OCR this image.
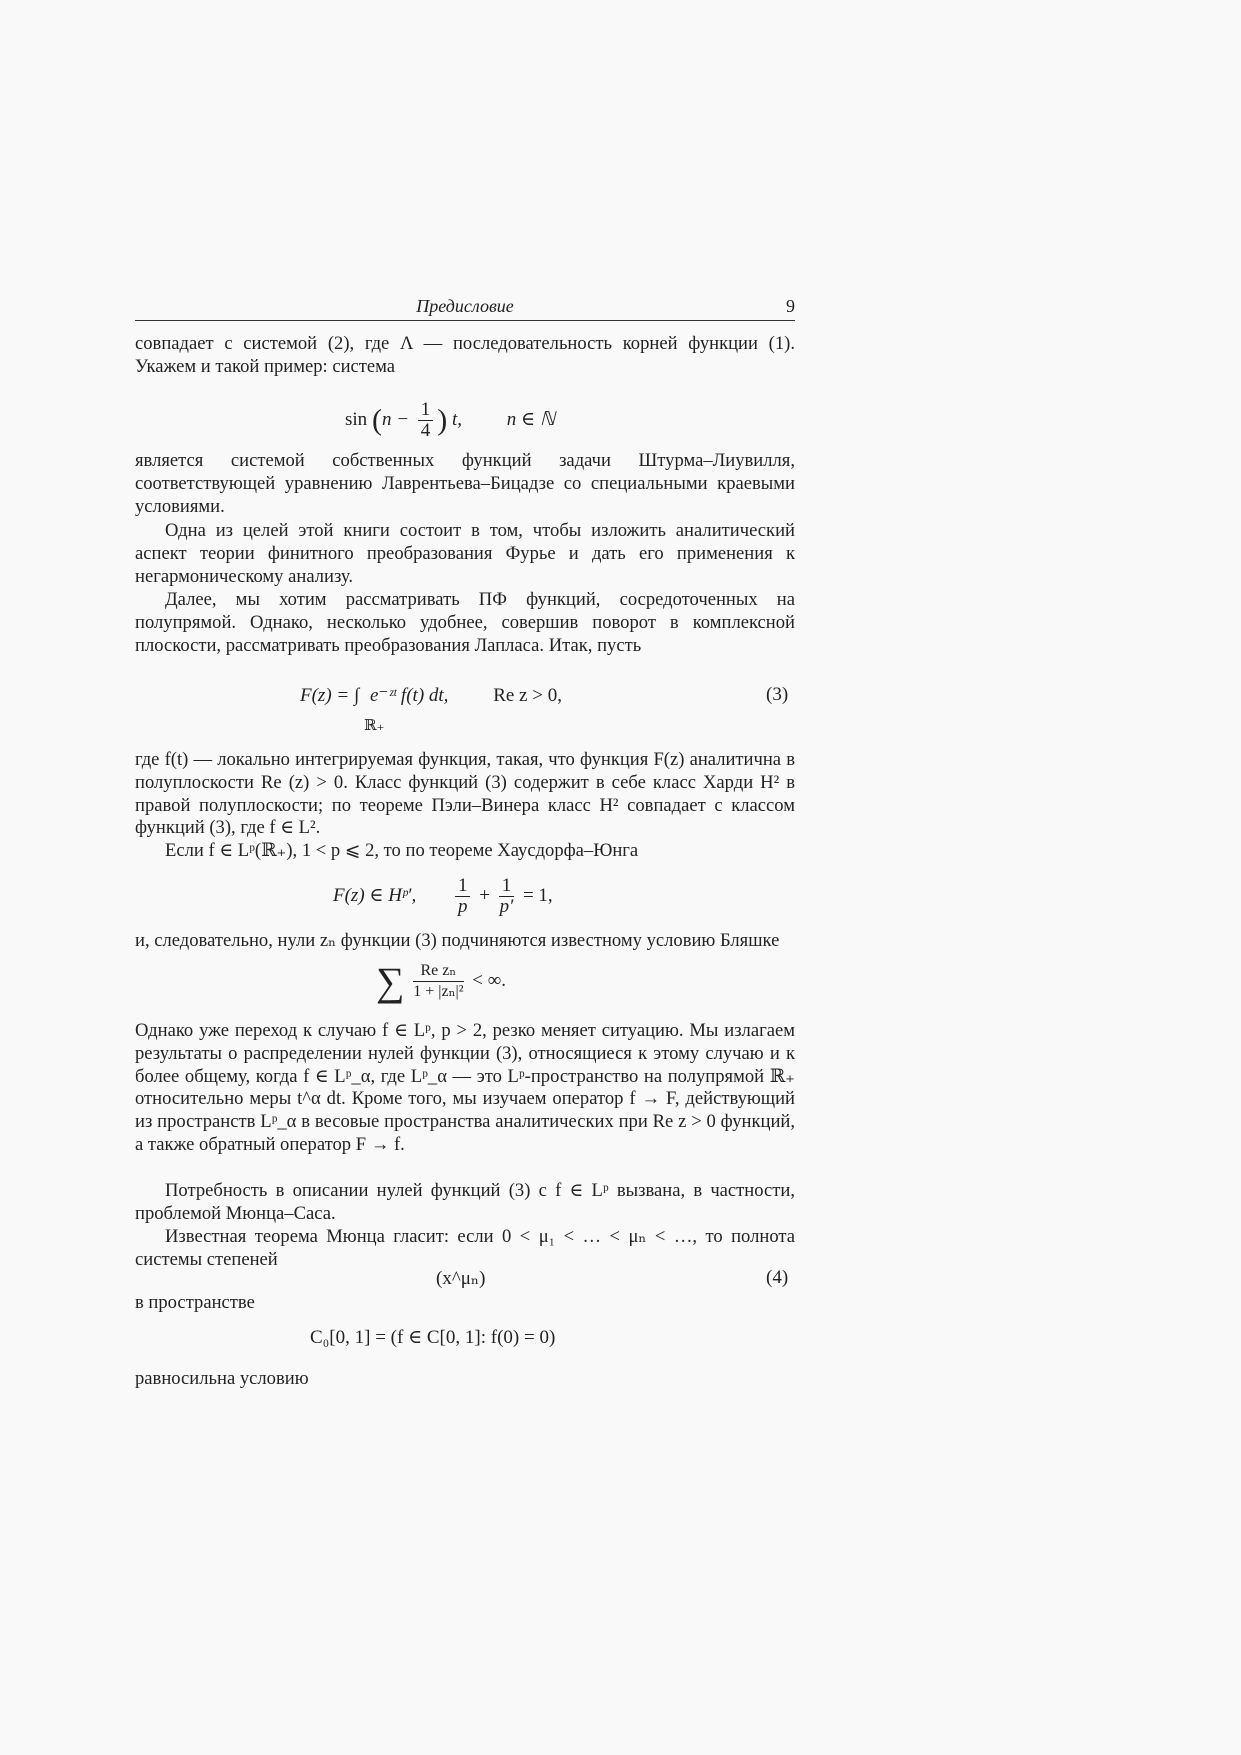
Предисловие	9
совпадает с системой (2), где Λ — последовательность корней функции (1). Укажем и такой пример: система
$\sin (n - \frac{1}{4}$ ) t, n ∈ ℕ
является системой собственных функций задачи Штурма–Лиувилля, соответствующей уравнению Лаврентьева–Бицадзе со специальными краевыми условиями.
Одна из целей этой книги состоит в том, чтобы изложить аналитический аспект теории финитного преобразования Фурье и дать его применения к негармоническому анализу.
Далее, мы хотим рассматривать ПФ функций, сосредоточенных на полупрямой. Однако, несколько удобнее, совершив поворот в комплексной плоскости, рассматривать преобразования Лапласа. Итак, пусть
F(z) = ∫ e⁻ᶻᵗ f(t) dt, Re z > 0,
ℝ₊
(3)
где f(t) — локально интегрируемая функция, такая, что функция F(z) аналитична в полуплоскости Re (z) > 0. Класс функций (3) содержит в себе класс Харди H² в правой полуплоскости; по теореме Пэли–Винера класс H² совпадает с классом функций (3), где f ∈ L².
Если f ∈ Lᵖ(ℝ₊), 1 < p ⩽ 2, то по теореме Хаусдорфа–Юнга
F(z) ∈ Hᵖ′, $\frac{1}{p} + \frac{1}{p'} = 1$,
и, следовательно, нули zₙ функции (3) подчиняются известному условию Бляшке
∑ $\frac{\text{Re zₙ}}{\text{1 + |zₙ|²}}$ < ∞.
Однако уже переход к случаю f ∈ Lᵖ, p > 2, резко меняет ситуацию. Мы излагаем результаты о распределении нулей функции (3), относящиеся к этому случаю и к более общему, когда f ∈ Lᵖ_α, где Lᵖ_α — это Lᵖ-пространство на полупрямой ℝ₊ относительно меры t^α dt. Кроме того, мы изучаем оператор f → F, действующий из пространств Lᵖ_α в весовые пространства аналитических при Re z > 0 функций, а также обратный оператор F → f.
Потребность в описании нулей функций (3) с f ∈ Lᵖ вызвана, в частности, проблемой Мюнца–Саса.
Известная теорема Мюнца гласит: если 0 < μ₁ < … < μₙ < …, то полнота системы степеней
(x^μₙ)	(4)
в пространстве
C₀[0, 1] = (f ∈ C[0, 1]: f(0) = 0)
равносильна условию
